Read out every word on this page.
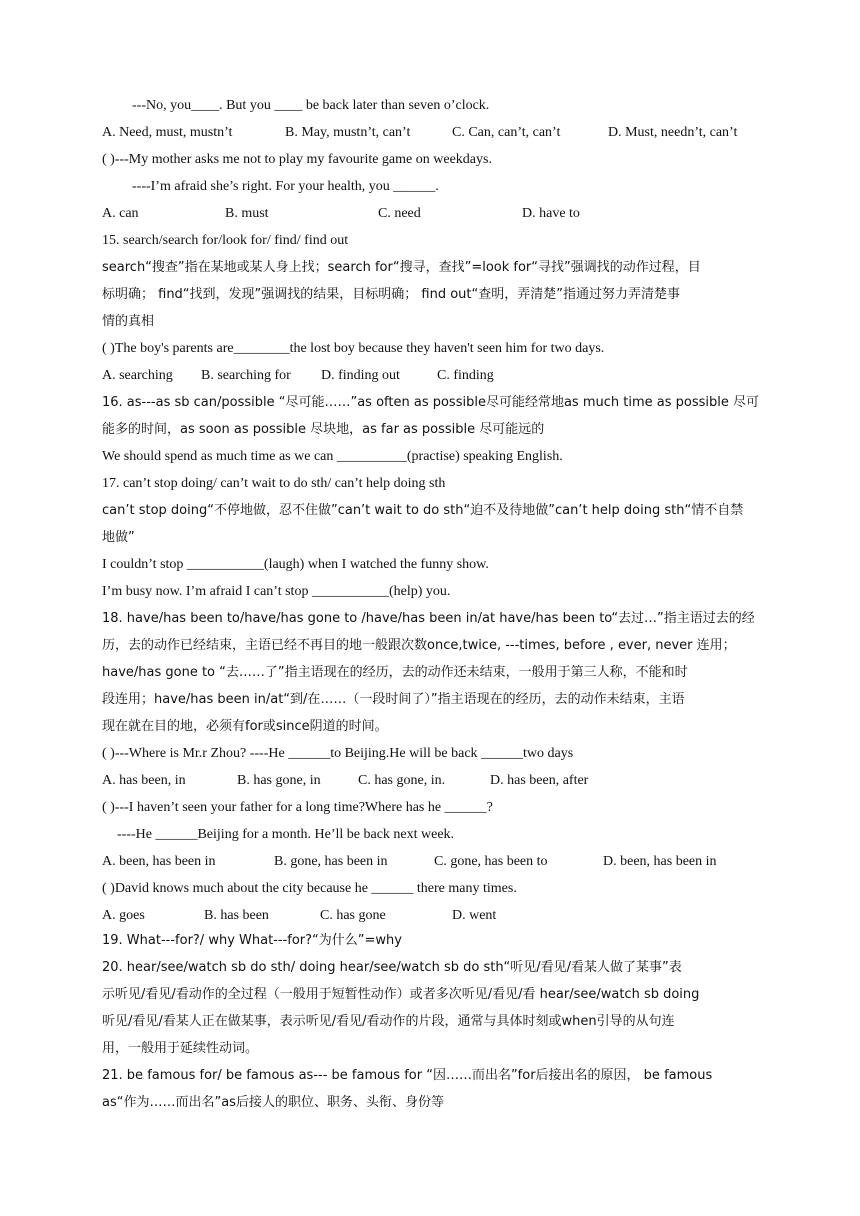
---No, you____. But you ____ be back later than seven o’clock.
A. Need, must, mustn’t	B. May, mustn’t, can’t	C. Can, can’t, can’t	D. Must, needn’t, can’t
( )---My mother asks me not to play my favourite game on weekdays.
----I’m afraid she’s right. For your health, you ______.
A. can	B. must	C. need	D. have to
15. search/search for/look for/ find/ find out
search“搜查”指在某地或某人身上找；search for“搜寻，查找”=look for“寻找”强调找的动作过程，目
标明确； find“找到，发现”强调找的结果，目标明确； find out“查明，弄清楚”指通过努力弄清楚事
情的真相
( )The boy's parents are________the lost boy because they haven't seen him for two days.
A. searching B. searching for D. finding out	C. finding
16. as---as sb can/possible “尽可能……”as often as possible尽可能经常地as much time as possible 尽可
能多的时间，as soon as possible 尽块地，as far as possible 尽可能远的
We should spend as much time as we can __________(practise) speaking English.
17. can’t stop doing/ can’t wait to do sth/ can’t help doing sth
can’t stop doing“不停地做，忍不住做”can’t wait to do sth“迫不及待地做”can’t help doing sth“情不自禁
地做”
I couldn’t stop ___________(laugh) when I watched the funny show.
I’m busy now. I’m afraid I can’t stop ___________(help) you.
18. have/has been to/have/has gone to /have/has been in/at have/has been to“去过…”指主语过去的经
历，去的动作已经结束，主语已经不再目的地一般跟次数once,twice, ---times, before , ever, never 连用；
have/has gone to “去……了”指主语现在的经历，去的动作还未结束，一般用于第三人称，不能和时
段连用；have/has been in/at“到/在……（一段时间了）”指主语现在的经历，去的动作未结束，主语
现在就在目的地，必须有for或since阴道的时间。
( )---Where is Mr.r Zhou? ----He ______to Beijing.He will be back ______two days
A. has been, in	B. has gone, in	C. has gone, in.	D. has been, after
( )---I haven’t seen your father for a long time?Where has he ______?
----He ______Beijing for a month. He’ll be back next week.
A. been, has been in	B. gone, has been in	C. gone, has been to	D. been, has been in
( )David knows much about the city because he ______ there many times.
A. goes	B. has been	C. has gone	D. went
19. What---for?/ why What---for?“为什么”=why
20. hear/see/watch sb do sth/ doing hear/see/watch sb do sth“听见/看见/看某人做了某事”表
示听见/看见/看动作的全过程（一般用于短暂性动作）或者多次听见/看见/看 hear/see/watch sb doing
听见/看见/看某人正在做某事，表示听见/看见/看动作的片段，通常与具体时刻或when引导的从句连
用，一般用于延续性动词。
21. be famous for/ be famous as--- be famous for “因……而出名”for后接出名的原因， be famous
as“作为……而出名”as后接人的职位、职务、头衔、身份等
